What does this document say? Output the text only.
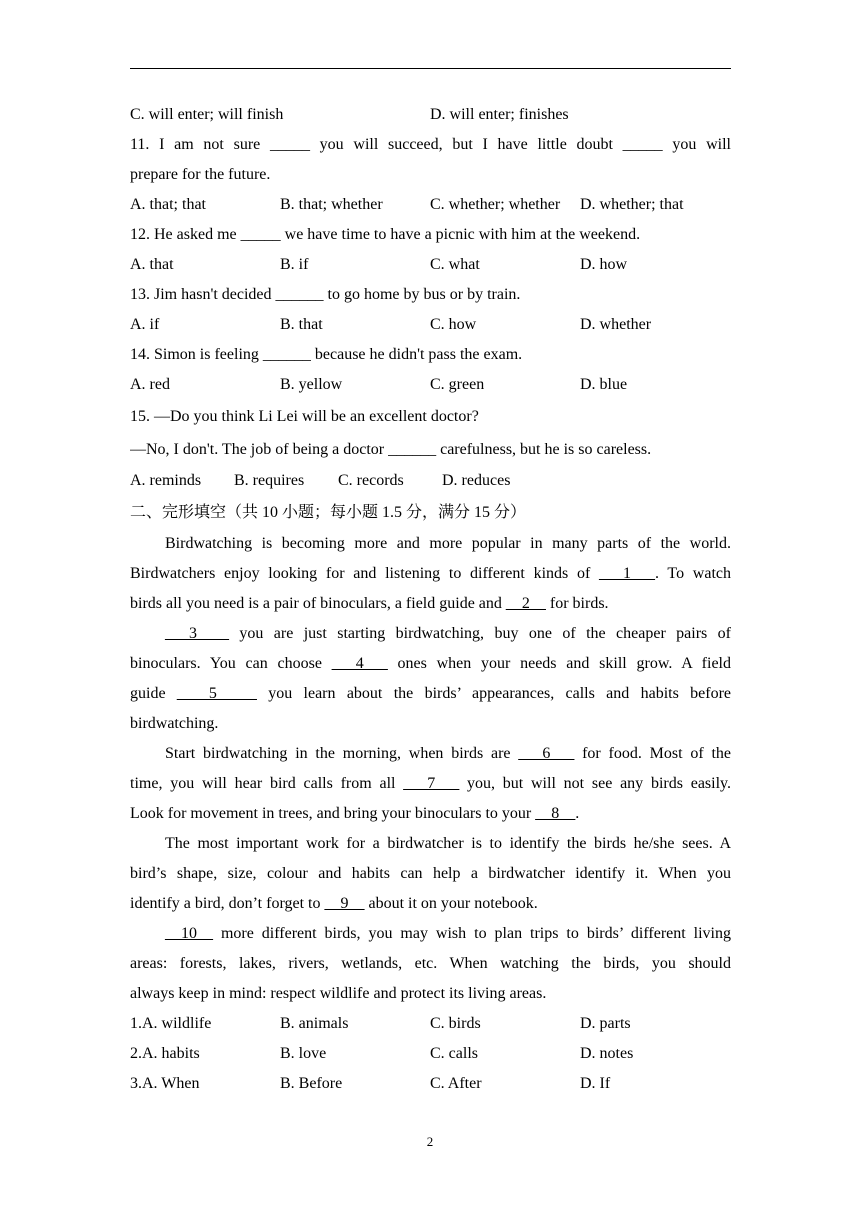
C. will enter; will finish	D. will enter; finishes
11. I am not sure _____ you will succeed, but I have little doubt _____ you will
prepare for the future.
A. that; that	B. that; whether	C. whether; whether D. whether; that
12. He asked me _____ we have time to have a picnic with him at the weekend.
A. that	B. if	C. what	D. how
13. Jim hasn't decided ______ to go home by bus or by train.
A. if	B. that	C. how	D. whether
14. Simon is feeling ______ because he didn't pass the exam.
A. red	B. yellow	C. green	D. blue
15. —Do you think Li Lei will be an excellent doctor?
—No, I don't. The job of being a doctor ______ carefulness, but he is so careless.
A. reminds B. requires C. records D. reduces
二、完形填空（共 10 小题；每小题 1.5 分，满分 15 分）
Birdwatching is becoming more and more popular in many parts of the world.
Birdwatchers enjoy looking for and listening to different kinds of ___1___. To watch
birds all you need is a pair of binoculars, a field guide and __2__ for birds.
___3____ you are just starting birdwatching, buy one of the cheaper pairs of
binoculars. You can choose ___4___ ones when your needs and skill grow. A field
guide ____5_____ you learn about the birds’ appearances, calls and habits before
birdwatching.
Start birdwatching in the morning, when birds are ___6___ for food. Most of the
time, you will hear bird calls from all ___7___ you, but will not see any birds easily.
Look for movement in trees, and bring your binoculars to your __8__.
The most important work for a birdwatcher is to identify the birds he/she sees. A
bird’s shape, size, colour and habits can help a birdwatcher identify it. When you
identify a bird, don’t forget to __9__ about it on your notebook.
__10__ more different birds, you may wish to plan trips to birds’ different living
areas: forests, lakes, rivers, wetlands, etc. When watching the birds, you should
always keep in mind: respect wildlife and protect its living areas.
1.A. wildlife	B. animals	C. birds	D. parts
2.A. habits	B. love	C. calls	D. notes
3.A. When	B. Before	C. After	D. If
2
